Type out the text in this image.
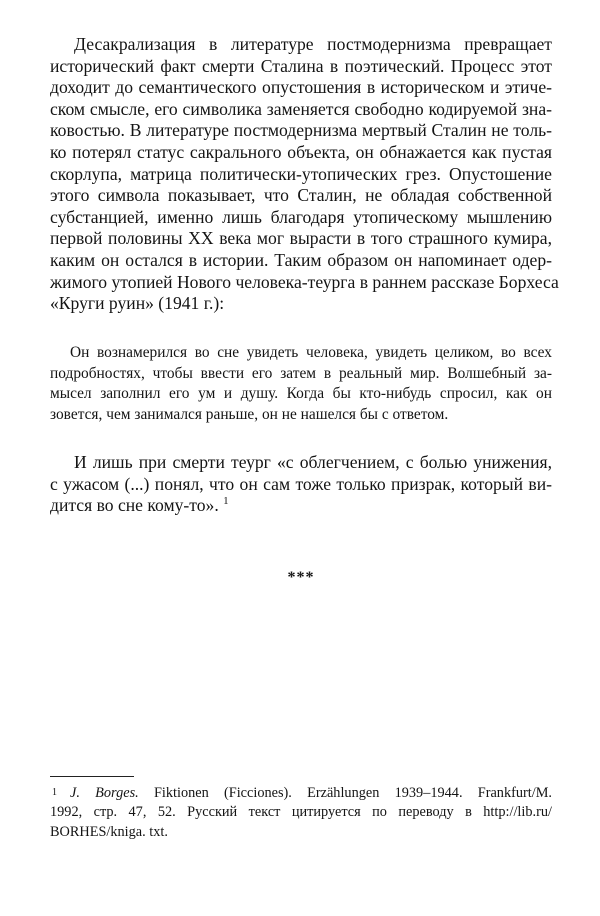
Десакрализация в литературе постмодернизма превращает
исторический факт смерти Сталина в поэтический. Процесс этот
доходит до семантического опустошения в историческом и этиче-
ском смысле, его символика заменяется свободно кодируемой зна-
ковостью. В литературе постмодернизма мертвый Сталин не толь-
ко потерял статус сакрального объекта, он обнажается как пустая
скорлупа, матрица политически-утопических грез. Опустошение
этого символа показывает, что Сталин, не обладая собственной
субстанцией, именно лишь благодаря утопическому мышлению
первой половины XX века мог вырасти в того страшного кумира,
каким он остался в истории. Таким образом он напоминает одер-
жимого утопией Нового человека-теурга в раннем рассказе Борхеса
«Круги руин» (1941 г.):

Он вознамерился во сне увидеть человека, увидеть целиком, во всех
подробностях, чтобы ввести его затем в реальный мир. Волшебный за-
мысел заполнил его ум и душу. Когда бы кто-нибудь спросил, как он
зовется, чем занимался раньше, он не нашелся бы с ответом.

И лишь при смерти теург «с облегчением, с болью унижения,
с ужасом (...) понял, что он сам тоже только призрак, который ви-
дится во сне кому-то». $^1$

***
1 J. Borges. Fiktionen (Ficciones). Erzählungen 1939–1944. Frankfurt/M.
1992, стр. 47, 52. Русский текст цитируется по переводу в http://lib.ru/
BORHES/kniga. txt.
